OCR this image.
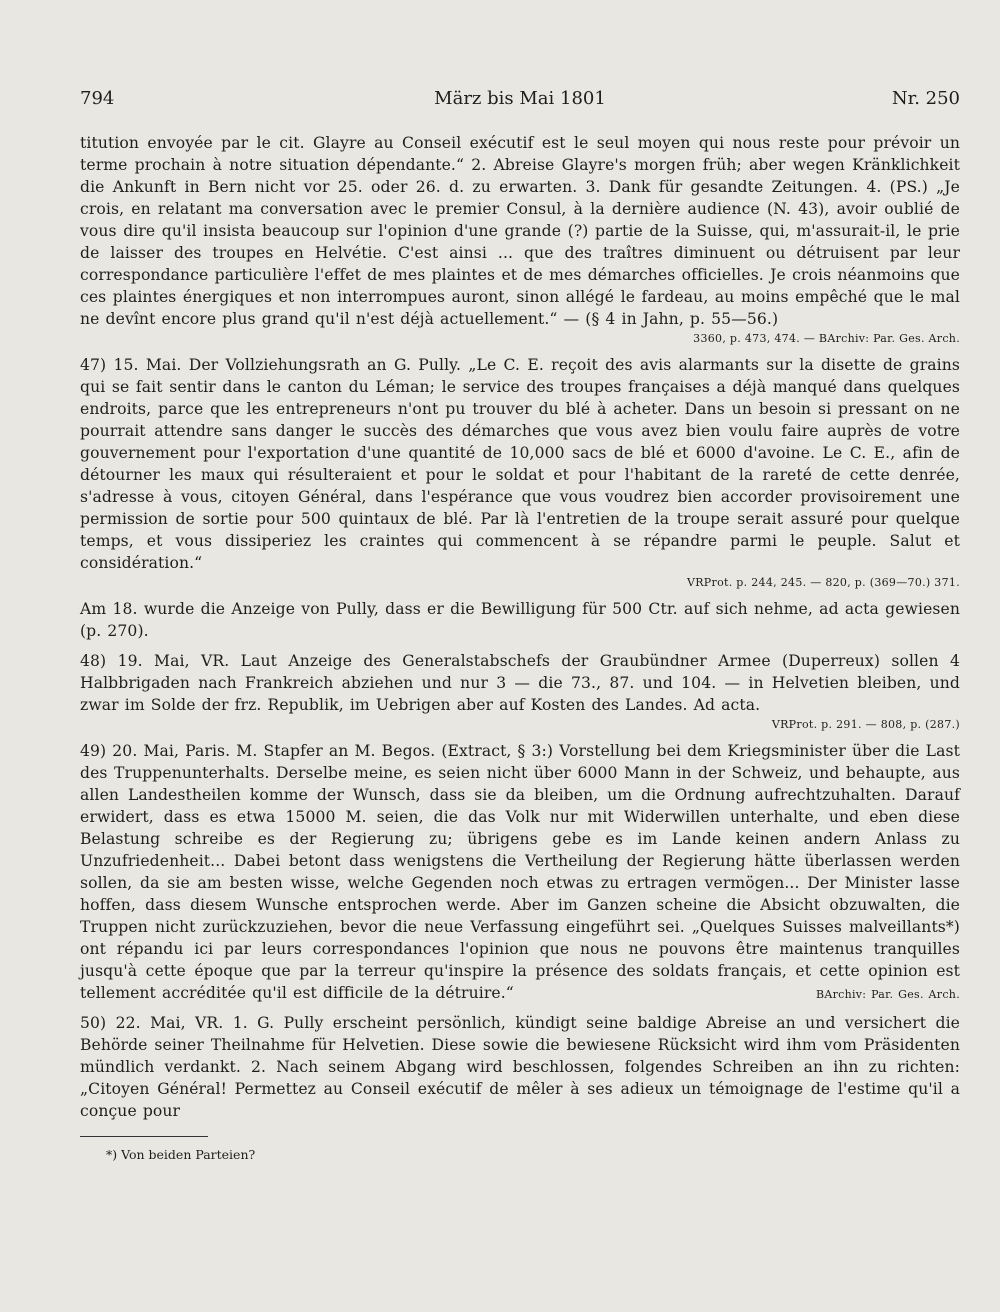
794	März bis Mai 1801	Nr. 250

titution envoyée par le cit. Glayre au Conseil exécutif est le seul moyen qui nous reste pour prévoir un terme prochain à notre situation dépendante.“ 2. Abreise Glayre's morgen früh; aber wegen Kränklichkeit die Ankunft in Bern nicht vor 25. oder 26. d. zu erwarten. 3. Dank für gesandte Zeitungen. 4. (PS.) „Je crois, en relatant ma conversation avec le premier Consul, à la dernière audience (N. 43), avoir oublié de vous dire qu'il insista beaucoup sur l'opinion d'une grande (?) partie de la Suisse, qui, m'assurait-il, le prie de laisser des troupes en Helvétie. C'est ainsi ... que des traîtres diminuent ou détruisent par leur correspondance particulière l'effet de mes plaintes et de mes démarches officielles. Je crois néanmoins que ces plaintes énergiques et non interrompues auront, sinon allégé le fardeau, au moins empêché que le mal ne devînt encore plus grand qu'il n'est déjà actuellement.“ — (§ 4 in Jahn, p. 55—56.)

3360, p. 473, 474. — BArchiv: Par. Ges. Arch.

47) 15. Mai. Der Vollziehungsrath an G. Pully. „Le C. E. reçoit des avis alarmants sur la disette de grains qui se fait sentir dans le canton du Léman; le service des troupes françaises a déjà manqué dans quelques endroits, parce que les entrepreneurs n'ont pu trouver du blé à acheter. Dans un besoin si pressant on ne pourrait attendre sans danger le succès des démarches que vous avez bien voulu faire auprès de votre gouvernement pour l'exportation d'une quantité de 10,000 sacs de blé et 6000 d'avoine. Le C. E., afin de détourner les maux qui résulteraient et pour le soldat et pour l'habitant de la rareté de cette denrée, s'adresse à vous, citoyen Général, dans l'espérance que vous voudrez bien accorder provisoirement une permission de sortie pour 500 quintaux de blé. Par là l'entretien de la troupe serait assuré pour quelque temps, et vous dissiperiez les craintes qui commencent à se répandre parmi le peuple. Salut et considération.“

VRProt. p. 244, 245. — 820, p. (369—70.) 371.

Am 18. wurde die Anzeige von Pully, dass er die Bewilligung für 500 Ctr. auf sich nehme, ad acta gewiesen (p. 270).

48) 19. Mai, VR. Laut Anzeige des Generalstabschefs der Graubündner Armee (Duperreux) sollen 4 Halbbrigaden nach Frankreich abziehen und nur 3 — die 73., 87. und 104. — in Helvetien bleiben, und zwar im Solde der frz. Republik, im Uebrigen aber auf Kosten des Landes. Ad acta.

VRProt. p. 291. — 808, p. (287.)

49) 20. Mai, Paris. M. Stapfer an M. Begos. (Extract, § 3:) Vorstellung bei dem Kriegsminister über die Last des Truppenunterhalts. Derselbe meine, es seien nicht über 6000 Mann in der Schweiz, und behaupte, aus allen Landestheilen komme der Wunsch, dass sie da bleiben, um die Ordnung aufrechtzuhalten. Darauf erwidert, dass es etwa 15000 M. seien, die das Volk nur mit Widerwillen unterhalte, und eben diese Belastung schreibe es der Regierung zu; übrigens gebe es im Lande keinen andern Anlass zu Unzufriedenheit... Dabei betont dass wenigstens die Vertheilung der Regierung hätte überlassen werden sollen, da sie am besten wisse, welche Gegenden noch etwas zu ertragen vermögen... Der Minister lasse hoffen, dass diesem Wunsche entsprochen werde. Aber im Ganzen scheine die Absicht obzuwalten, die Truppen nicht zurückzuziehen, bevor die neue Verfassung eingeführt sei. „Quelques Suisses malveillants*) ont répandu ici par leurs correspondances l'opinion que nous ne pouvons être maintenus tranquilles jusqu'à cette époque que par la terreur qu'inspire la présence des soldats français, et cette opinion est tellement accréditée qu'il est difficile de la détruire.“	BArchiv: Par. Ges. Arch.

50) 22. Mai, VR. 1. G. Pully erscheint persönlich, kündigt seine baldige Abreise an und versichert die Behörde seiner Theilnahme für Helvetien. Diese sowie die bewiesene Rücksicht wird ihm vom Präsidenten mündlich verdankt. 2. Nach seinem Abgang wird beschlossen, folgendes Schreiben an ihn zu richten: „Citoyen Général! Permettez au Conseil exécutif de mêler à ses adieux un témoignage de l'estime qu'il a conçue pour

*) Von beiden Parteien?
